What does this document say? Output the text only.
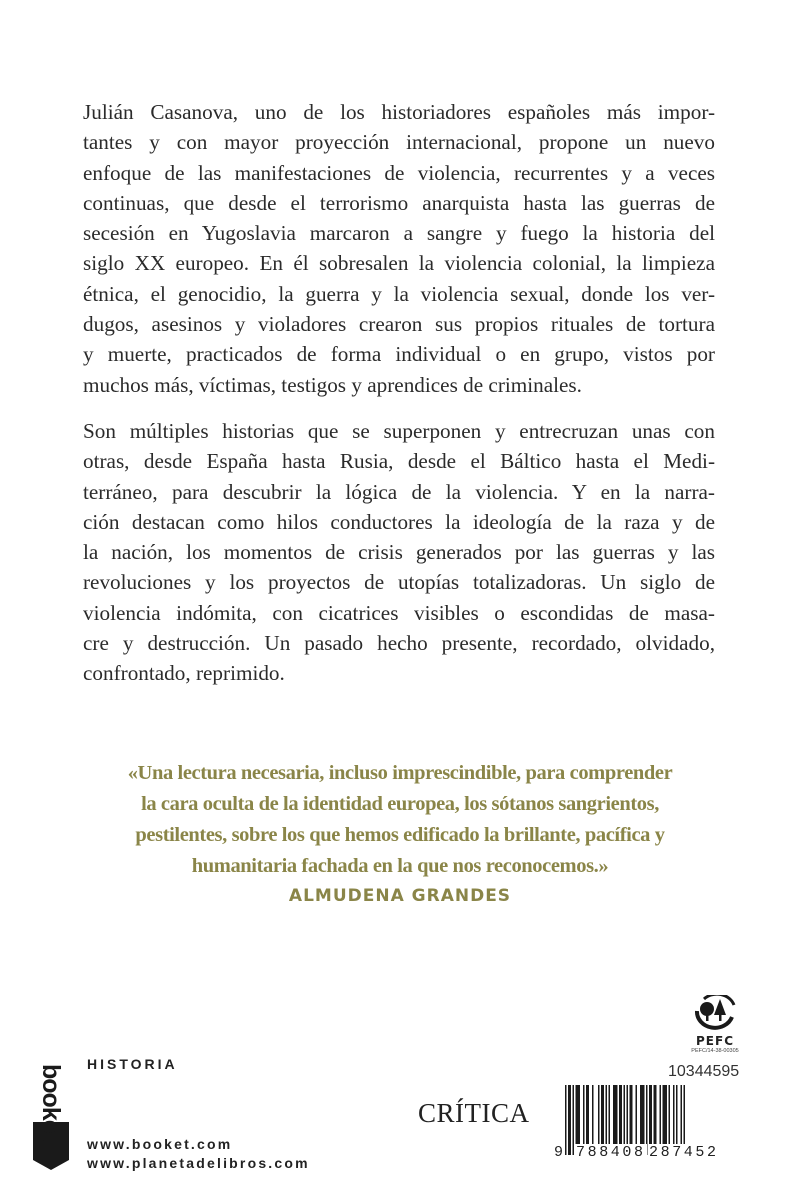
Julián Casanova, uno de los historiadores españoles más impor-
tantes y con mayor proyección internacional, propone un nuevo
enfoque de las manifestaciones de violencia, recurrentes y a veces
continuas, que desde el terrorismo anarquista hasta las guerras de
secesión en Yugoslavia marcaron a sangre y fuego la historia del
siglo XX europeo. En él sobresalen la violencia colonial, la limpieza
étnica, el genocidio, la guerra y la violencia sexual, donde los ver-
dugos, asesinos y violadores crearon sus propios rituales de tortura
y muerte, practicados de forma individual o en grupo, vistos por
muchos más, víctimas, testigos y aprendices de criminales.

Son múltiples historias que se superponen y entrecruzan unas con
otras, desde España hasta Rusia, desde el Báltico hasta el Medi-
terráneo, para descubrir la lógica de la violencia. Y en la narra-
ción destacan como hilos conductores la ideología de la raza y de
la nación, los momentos de crisis generados por las guerras y las
revoluciones y los proyectos de utopías totalizadoras. Un siglo de
violencia indómita, con cicatrices visibles o escondidas de masa-
cre y destrucción. Un pasado hecho presente, recordado, olvidado,
confrontado, reprimido.

«Una lectura necesaria, incluso imprescindible, para comprender
la cara oculta de la identidad europea, los sótanos sangrientos,
pestilentes, sobre los que hemos edificado la brillante, pacífica y
humanitaria fachada en la que nos reconocemos.»
ALMUDENA GRANDES
booket HISTORIA
www.booket.com
www.planetadelibros.com
CRÍTICA
PEFC
PEFC/14-38-00305
10344595
9 788408 287452
